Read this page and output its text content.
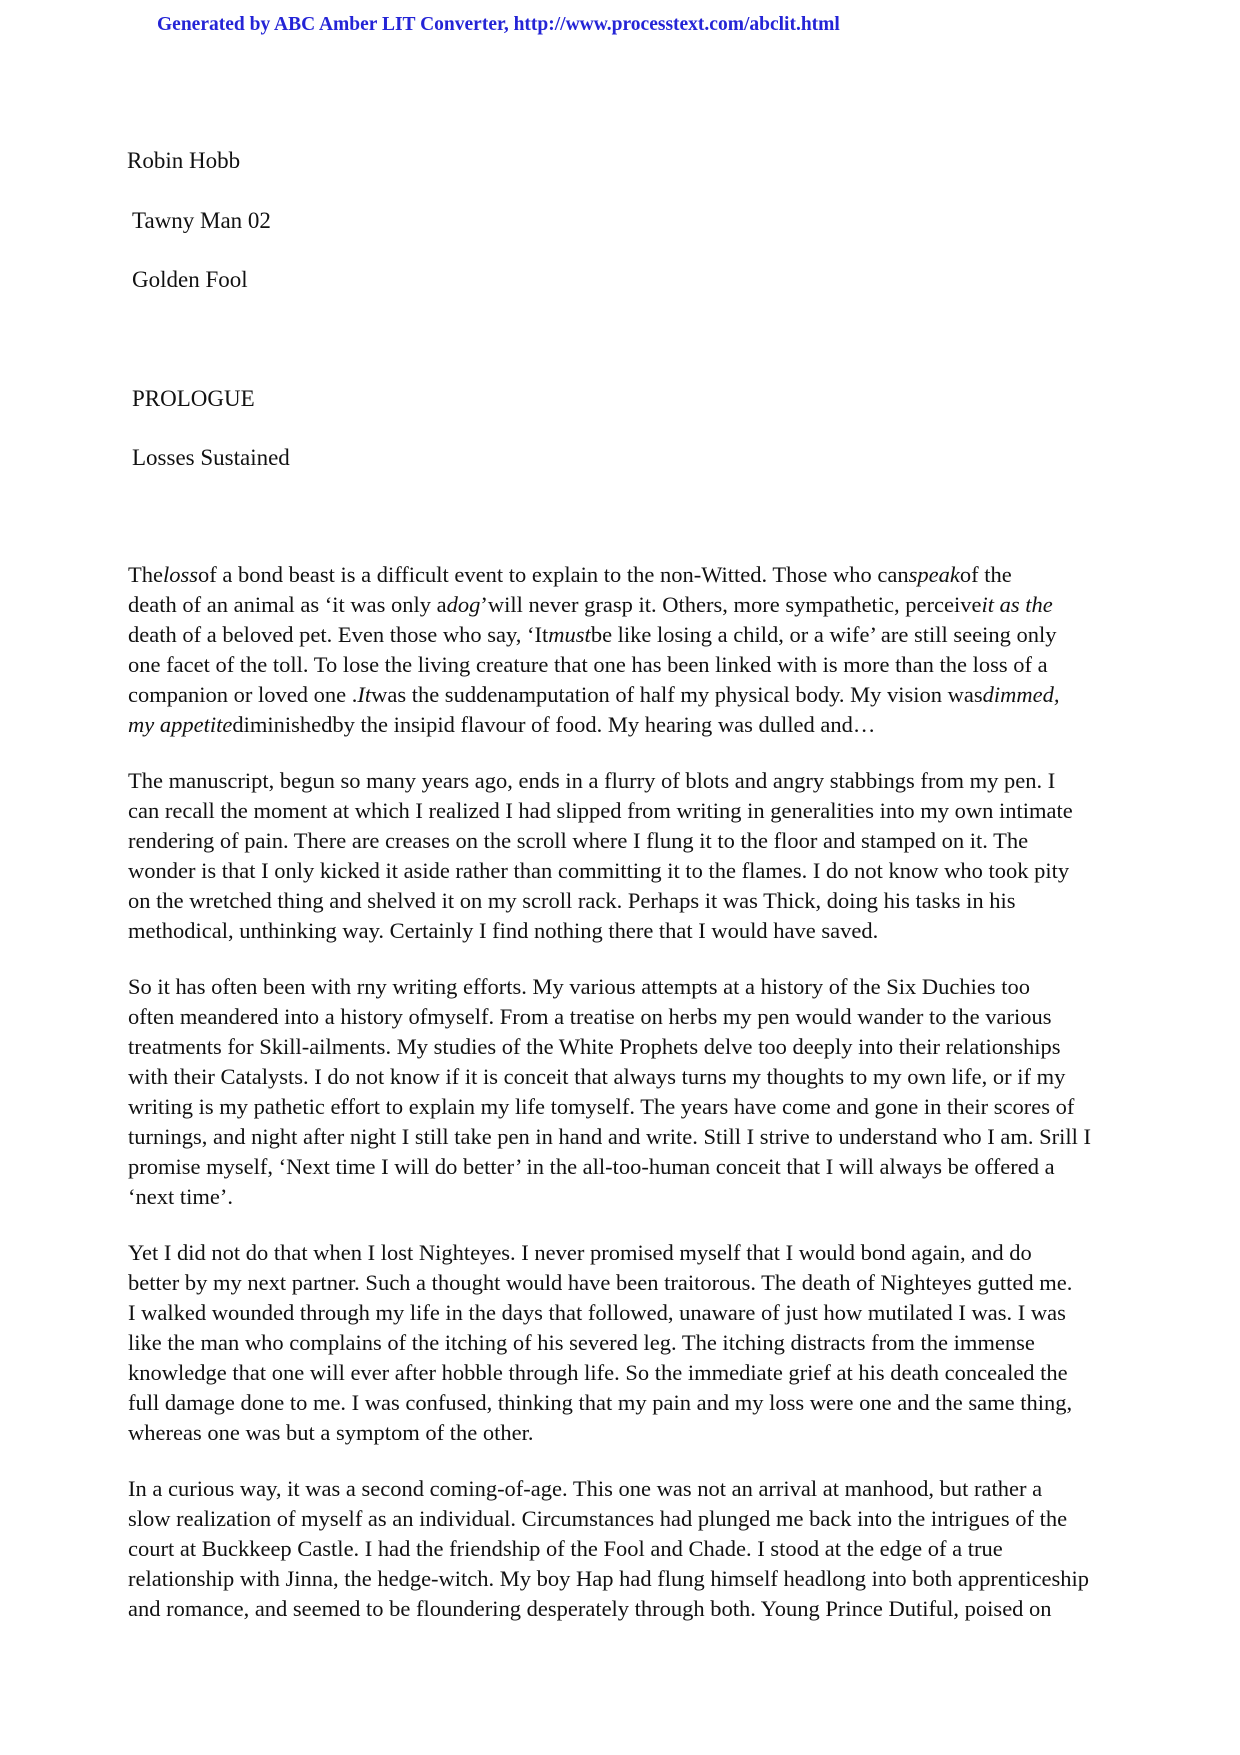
Generated by ABC Amber LIT Converter, http://www.processtext.com/abclit.html
Robin Hobb
Tawny Man 02
Golden Fool
PROLOGUE
Losses Sustained
Thelossof a bond beast is a difficult event to explain to the non-Witted. Those who canspeakof the
death of an animal as ‘it was only adog’will never grasp it. Others, more sympathetic, perceiveit as the
death of a beloved pet. Even those who say, ‘Itmustbe like losing a child, or a wife’ are still seeing only
one facet of the toll. To lose the living creature that one has been linked with is more than the loss of a
companion or loved one .Itwas the suddenamputation of half my physical body. My vision wasdimmed,
my appetitediminishedby the insipid flavour of food. My hearing was dulled and…
The manuscript, begun so many years ago, ends in a flurry of blots and angry stabbings from my pen. I
can recall the moment at which I realized I had slipped from writing in generalities into my own intimate
rendering of pain. There are creases on the scroll where I flung it to the floor and stamped on it. The
wonder is that I only kicked it aside rather than committing it to the flames. I do not know who took pity
on the wretched thing and shelved it on my scroll rack. Perhaps it was Thick, doing his tasks in his
methodical, unthinking way. Certainly I find nothing there that I would have saved.
So it has often been with rny writing efforts. My various attempts at a history of the Six Duchies too
often meandered into a history ofmyself. From a treatise on herbs my pen would wander to the various
treatments for Skill-ailments. My studies of the White Prophets delve too deeply into their relationships
with their Catalysts. I do not know if it is conceit that always turns my thoughts to my own life, or if my
writing is my pathetic effort to explain my life tomyself. The years have come and gone in their scores of
turnings, and night after night I still take pen in hand and write. Still I strive to understand who I am. Srill I
promise myself, ‘Next time I will do better’ in the all-too-human conceit that I will always be offered a
‘next time’.
Yet I did not do that when I lost Nighteyes. I never promised myself that I would bond again, and do
better by my next partner. Such a thought would have been traitorous. The death of Nighteyes gutted me.
I walked wounded through my life in the days that followed, unaware of just how mutilated I was. I was
like the man who complains of the itching of his severed leg. The itching distracts from the immense
knowledge that one will ever after hobble through life. So the immediate grief at his death concealed the
full damage done to me. I was confused, thinking that my pain and my loss were one and the same thing,
whereas one was but a symptom of the other.
In a curious way, it was a second coming-of-age. This one was not an arrival at manhood, but rather a
slow realization of myself as an individual. Circumstances had plunged me back into the intrigues of the
court at Buckkeep Castle. I had the friendship of the Fool and Chade. I stood at the edge of a true
relationship with Jinna, the hedge-witch. My boy Hap had flung himself headlong into both apprenticeship
and romance, and seemed to be floundering desperately through both. Young Prince Dutiful, poised on
